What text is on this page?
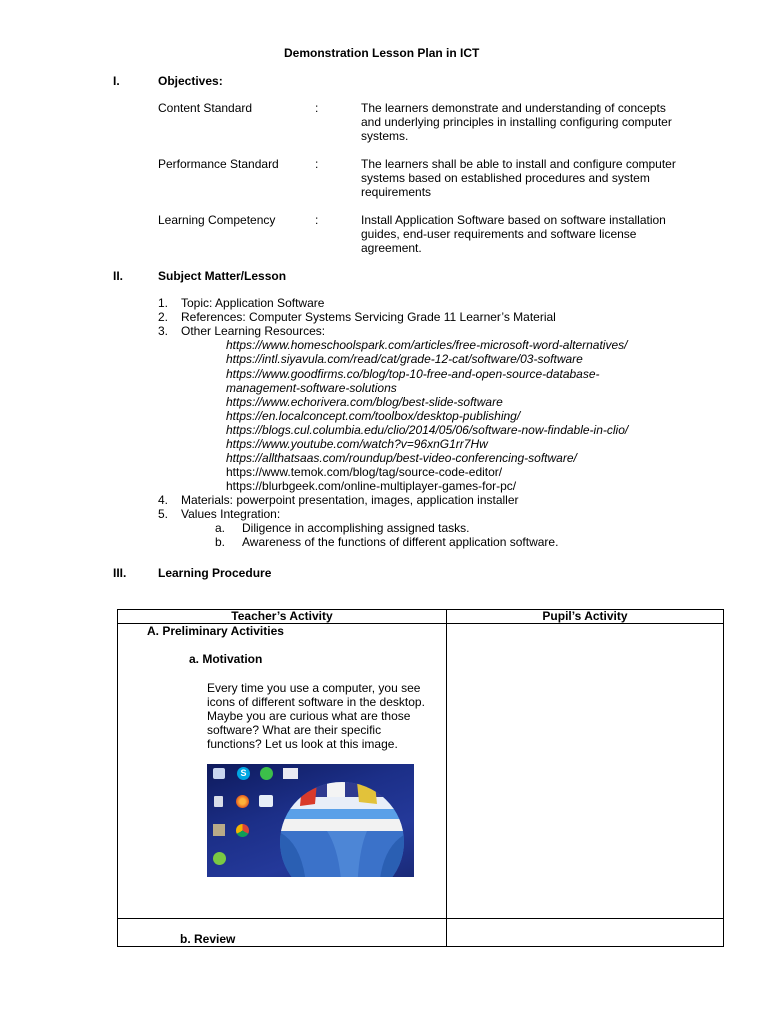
Demonstration Lesson Plan in ICT
I.	Objectives:
Content Standard	:	The learners demonstrate and understanding of concepts and underlying principles in installing configuring computer systems.
Performance Standard	:	The learners shall be able to install and configure computer systems based on established procedures and system requirements
Learning Competency	:	Install Application Software based on software installation guides, end-user requirements and software license agreement.
II.	Subject Matter/Lesson
1. Topic: Application Software
2. References: Computer Systems Servicing Grade 11 Learner’s Material
3. Other Learning Resources:
https://www.homeschoolspark.com/articles/free-microsoft-word-alternatives/
https://intl.siyavula.com/read/cat/grade-12-cat/software/03-software
https://www.goodfirms.co/blog/top-10-free-and-open-source-database-
management-software-solutions
https://www.echorivera.com/blog/best-slide-software
https://en.localconcept.com/toolbox/desktop-publishing/
https://blogs.cul.columbia.edu/clio/2014/05/06/software-now-findable-in-clio/
https://www.youtube.com/watch?v=96xnG1rr7Hw
https://allthatsaas.com/roundup/best-video-conferencing-software/
https://www.temok.com/blog/tag/source-code-editor/
https://blurbgeek.com/online-multiplayer-games-for-pc/
4. Materials: powerpoint presentation, images, application installer
5. Values Integration:
a. Diligence in accomplishing assigned tasks.
b. Awareness of the functions of different application software.
III.	Learning Procedure
Teacher’s Activity	Pupil’s Activity

A. Preliminary Activities
a. Motivation
Every time you use a computer, you see icons of different software in the desktop. Maybe you are curious what are those software? What are their specific functions? Let us look at this image.
S	

b. Review	
